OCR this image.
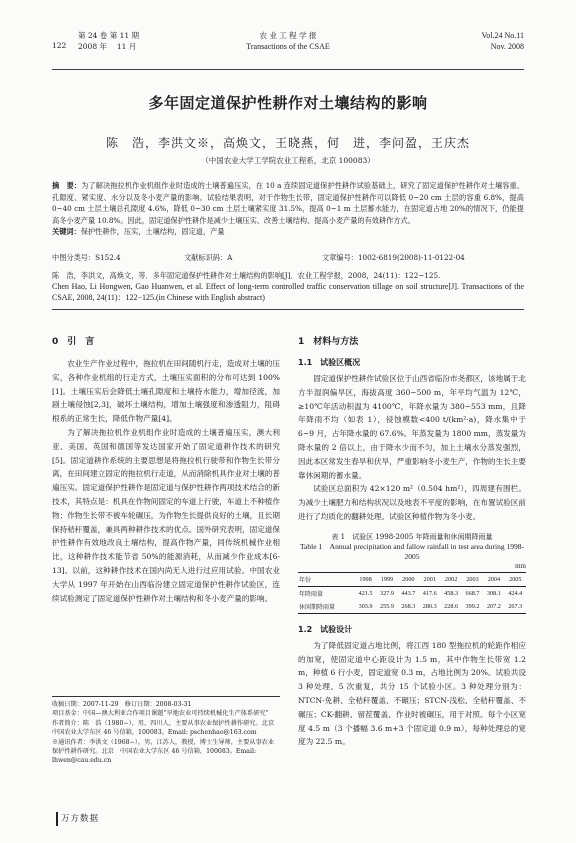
第 24 卷 第 11 期
122 2008 年　 11 月
农 业 工 程 学 报
Transactions of the CSAE
Vol.24 No.11
Nov. 2008
多年固定道保护性耕作对土壤结构的影响
陈　浩，李洪文※，高焕文，王晓燕，何　进，李问盈，王庆杰
（中国农业大学工学院农业工程系，北京 100083）
摘　要：为了解决拖拉机作业机组作业时造成的土壤普遍压实，在 10 a 连续固定道保护性耕作试验基础上，研究了固定道保护性耕作对土壤容重、孔隙度、紧实度、水分以及冬小麦产量的影响。试验结果表明，对于作物生长带，固定道保护性耕作可以降低 0~20 cm 土层的容重 6.8%，提高 0~40 cm 土层土壤总孔隙度 4.6%，降低 0~30 cm 土层土壤紧实度 31.5%，提高 0~1 m 土层蓄水能力，在固定道占地 20%的情况下，仍能提高冬小麦产量 10.8%。因此，固定道保护性耕作是减少土壤压实、改善土壤结构、提高小麦产量的有效耕作方式。
关键词：保护性耕作，压实，土壤结构，固定道，产量
中图分类号：S152.4	文献标识码：A	文章编号：1002-6819(2008)-11-0122-04
陈　浩，李洪文，高焕文，等．多年固定道保护性耕作对土壤结构的影响[J]．农业工程学报，2008，24(11)：122−125.
Chen Hao, Li Hongwen, Gao Huanwen, et al. Effect of long-term controlled traffic conservation tillage on soil structure[J]. Transactions of the CSAE, 2008, 24(11)：122−125.(in Chinese with English abstract)
0　引　言

农业生产作业过程中，拖拉机在田间随机行走，造成对土壤的压实，各种作业机组的行走方式，土壤压实面积的分布可达到 100%[1]。土壤压实后会降低土壤孔隙度和土壤持水能力，增加径流，加剧土壤侵蚀[2,3]，破坏土壤结构，增加土壤强度和渗透阻力，阻碍根系的正常生长，降低作物产量[4]。

为了解决拖拉机作业机组作业时造成的土壤普遍压实，澳大利亚、美国、英国和德国等发达国家开始了固定道耕作技术的研究[5]。固定道耕作系统的主要思想是将拖拉机行驶带和作物生长带分离，在田间建立固定的拖拉机行走道，从而消除机具作业对土壤的普遍压实。固定道保护性耕作是固定道与保护性耕作两项技术结合的新技术，其特点是：机具在作物间固定的车道上行驶，车道上不种植作物；作物生长带不被车轮碾压，为作物生长提供良好的土壤，且长期保持秸秆覆盖，兼具两种耕作技术的优点。国外研究表明，固定道保护性耕作有效地改良土壤结构，提高作物产量，同传统机械作业相比，这种耕作技术能节省 50%的能源消耗，从而减少作业成本[6-13]。以前，这种耕作技术在国内尚无人进行过应用试验。中国农业大学从 1997 年开始在山西临汾建立固定道保护性耕作试验区，连续试验测定了固定道保护性耕作对土壤结构和冬小麦产量的影响。

1　材料与方法
1.1　试验区概况

固定道保护性耕作试验区位于山西省临汾市尧都区，该地属于北方半湿润偏旱区，海拔高度 360~500 m，年平均气温为 12℃，≥10℃年活动积温为 4100℃，年降水量为 380~553 mm，且降年降雨不均（如表 1），侵蚀模数<400 t/(km²·a)，降水集中于 6~9 月，占年降水量的 67.6%。年蒸发量为 1800 mm，蒸发量为降水量的 2 倍以上，由于降水少而不匀，加上土壤水分蒸发强烈，因此本区常发生春旱和伏旱，严重影响冬小麦生产，作物的生长主要靠休闲期的蓄水量。

试验区总面积为 42×120 m²（0.504 hm²），四周建有围栏。为减少土壤肥力和结构状况以及地表不平度的影响，在布置试验区前进行了均质化的翻耕处理。试验区种植作物为冬小麦。

表 1　试验区 1998-2005 年降雨量和休闲期降雨量
Table 1　Annual precipitation and fallow rainfall in test area during 1998-2005
mm
年份	1998	1999	2000	2001	2002	2003	2004	2005
年降雨量	421.5	327.9	443.7	417.6	458.3	668.7	308.1	424.4
休闲期降雨量	303.9	255.9	268.3	280.3	228.6	399.2	207.2	267.3
1.2　试验设计

为了降低固定道占地比例，将江西 180 型拖拉机的轮距作相应的加宽，使固定道中心距设计为 1.5 m，其中作物生长带宽 1.2 m，种植 6 行小麦，固定道宽 0.3 m，占地比例为 20%。试验共设 3 种处理、5 次重复，共分 15 个试验小区。3 种处理分别为：NTCN-免耕、全秸秆覆盖、不碾压；STCN-浅松、全秸秆覆盖、不碾压；CK-翻耕、留茬覆盖、作业时被碾压，用于对照。每个小区宽度 4.5 m（3 个播幅 3.6 m+3 个固定道 0.9 m），每种处理总的宽度为 22.5 m。

收稿日期：2007-11-29　修订日期：2008-03-31
项目基金：中国—澳大利亚合作项目课题“旱地农业可持续机械化生产体系研究”
作者简介：陈　浩（1980−），男，四川人，主要从事农业保护性耕作研究。北京　中国农业大学东区 46 号信箱，100083。Email: pschenhao@163.com
※通讯作者：李洪文（1968−），男，江苏人，教授，博士生导师，主要从事农业保护性耕作研究。北京　中国农业大学东区 46 号信箱，100083。Email: lhwen@cau.edu.cn
万方数据
